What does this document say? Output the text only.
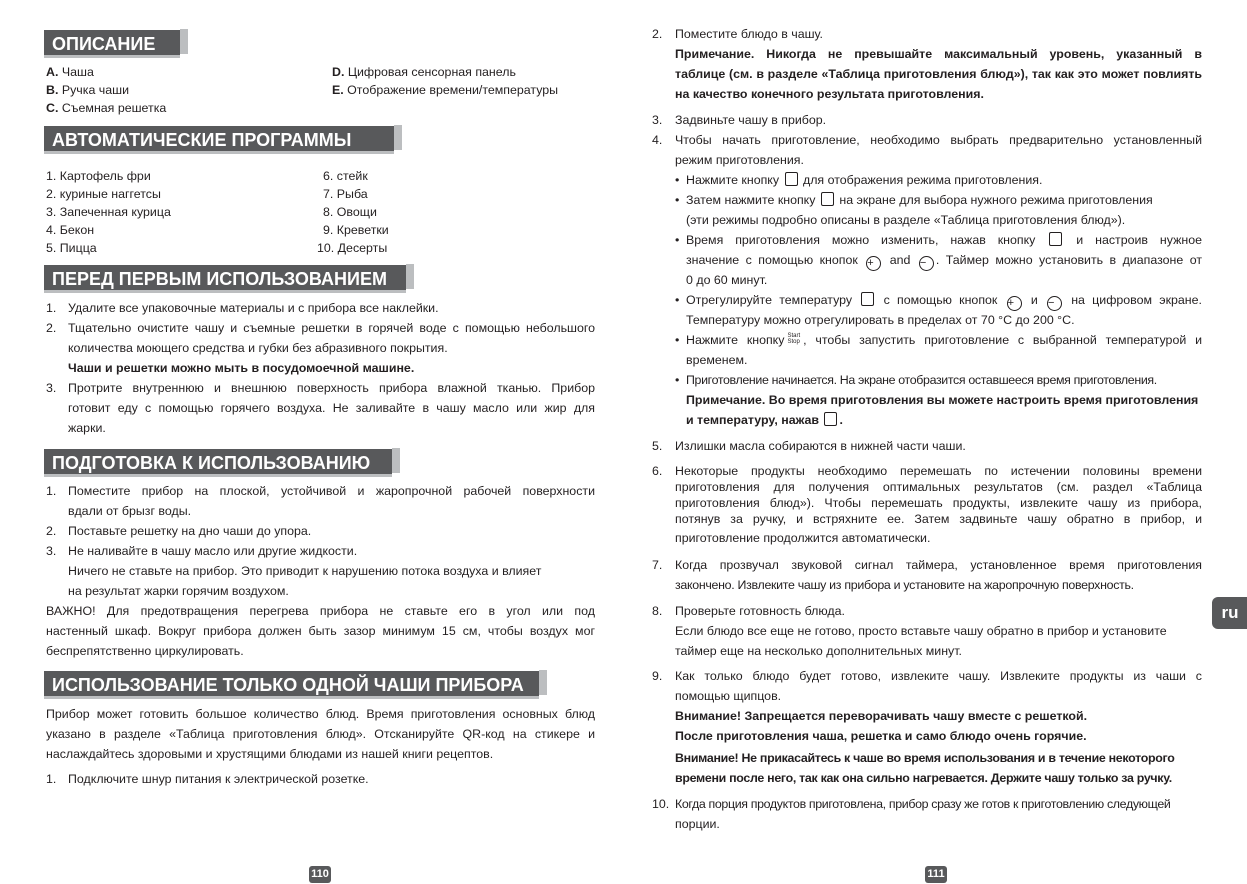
ОПИСАНИЕ
A. Чаша
B. Ручка чаши
C. Съемная решетка
D. Цифровая сенсорная панель
E. Отображение времени/температуры
АВТОМАТИЧЕСКИЕ ПРОГРАММЫ
1. Картофель фри
2. куриные наггетсы
3. Запеченная курица
4. Бекон
5. Пицца
6. стейк
7. Рыба
8. Овощи
9. Креветки
10. Десерты
ПЕРЕД ПЕРВЫМ ИСПОЛЬЗОВАНИЕМ
1. Удалите все упаковочные материалы и с прибора все наклейки.
2. Тщательно очистите чашу и съемные решетки в горячей воде с помощью небольшого
количества моющего средства и губки без абразивного покрытия.
Чаши и решетки можно мыть в посудомоечной машине.
3. Протрите внутреннюю и внешнюю поверхность прибора влажной тканью. Прибор
готовит еду с помощью горячего воздуха. Не заливайте в чашу масло или жир для
жарки.
ПОДГОТОВКА К ИСПОЛЬЗОВАНИЮ
1. Поместите прибор на плоской, устойчивой и жаропрочной рабочей поверхности
вдали от брызг воды.
2. Поставьте решетку на дно чаши до упора.
3. Не наливайте в чашу масло или другие жидкости.
Ничего не ставьте на прибор. Это приводит к нарушению потока воздуха и влияет
на результат жарки горячим воздухом.
ВАЖНО! Для предотвращения перегрева прибора не ставьте его в угол или под
настенный шкаф. Вокруг прибора должен быть зазор минимум 15 см, чтобы воздух мог
беспрепятственно циркулировать.
ИСПОЛЬЗОВАНИЕ ТОЛЬКО ОДНОЙ ЧАШИ ПРИБОРА
Прибор может готовить большое количество блюд. Время приготовления основных блюд
указано в разделе «Таблица приготовления блюд». Отсканируйте QR-код на стикере и
наслаждайтесь здоровыми и хрустящими блюдами из нашей книги рецептов.
1. Подключите шнур питания к электрической розетке.
110
2. Поместите блюдо в чашу.
Примечание. Никогда не превышайте максимальный уровень, указанный в
таблице (см. в разделе «Таблица приготовления блюд»), так как это может повлиять
на качество конечного результата приготовления.
3. Задвиньте чашу в прибор.
4. Чтобы начать приготовление, необходимо выбрать предварительно установленный
режим приготовления.
• Нажмите кнопку для отображения режима приготовления.
• Затем нажмите кнопку на экране для выбора нужного режима приготовления
(эти режимы подробно описаны в разделе «Таблица приготовления блюд»).
• Время приготовления можно изменить, нажав кнопку	и настроив нужное
значение с помощью кнопок + and − . Таймер можно установить в диапазоне от
0 до 60 минут.
• Отрегулируйте температуру	с помощью кнопок + и − на цифровом экране.
Температуру можно отрегулировать в пределах от 70 °C до 200 °C.
• Нажмите кнопку Start
Stop , чтобы запустить приготовление с выбранной температурой и
временем.
• Приготовление начинается. На экране отобразится оставшееся время приготовления.
Примечание. Во время приготовления вы можете настроить время приготовления
и температуру, нажав .
5. Излишки масла собираются в нижней части чаши.
6. Некоторые продукты необходимо перемешать по истечении половины времени
приготовления для получения оптимальных результатов (см. раздел «Таблица
приготовления блюд»). Чтобы перемешать продукты, извлеките чашу из прибора,
потянув за ручку, и встряхните ее. Затем задвиньте чашу обратно в прибор, и
приготовление продолжится автоматически.
7. Когда прозвучал звуковой сигнал таймера, установленное время приготовления
закончено. Извлеките чашу из прибора и установите на жаропрочную поверхность.
8. Проверьте готовность блюда.
Если блюдо все еще не готово, просто вставьте чашу обратно в прибор и установите
таймер еще на несколько дополнительных минут.
9. Как только блюдо будет готово, извлеките чашу. Извлеките продукты из чаши с
помощью щипцов.
Внимание! Запрещается переворачивать чашу вместе с решеткой.
После приготовления чаша, решетка и само блюдо очень горячие.
Внимание! Не прикасайтесь к чаше во время использования и в течение некоторого
времени после него, так как она сильно нагревается. Держите чашу только за ручку.
10. Когда порция продуктов приготовлена, прибор сразу же готов к приготовлению следующей
порции.
ru
111
